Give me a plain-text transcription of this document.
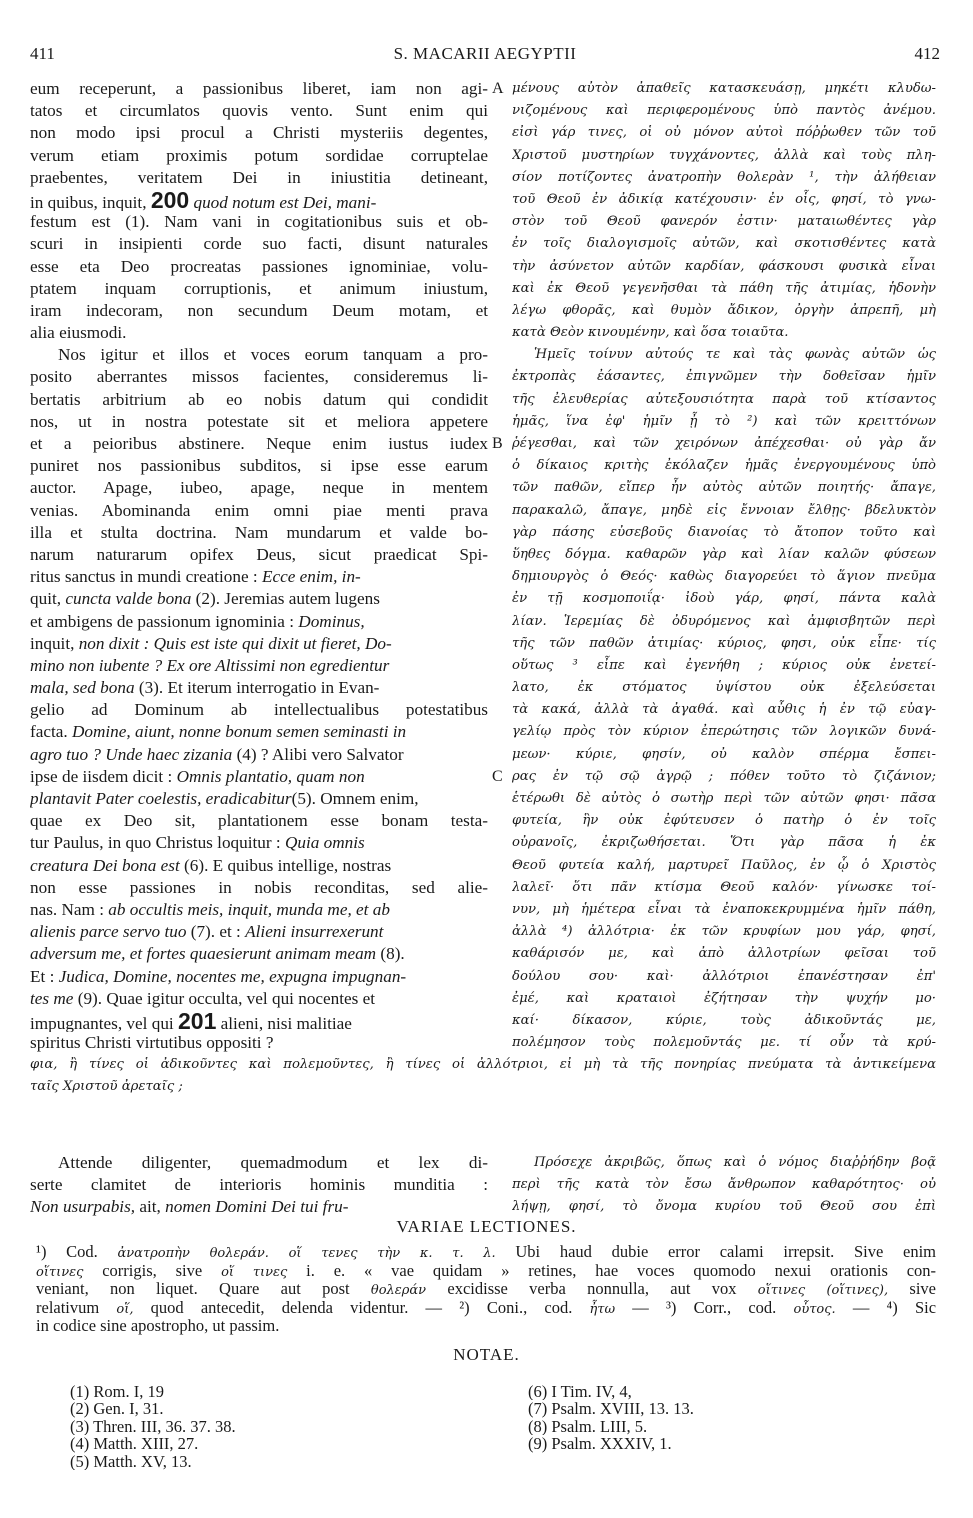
S. MACARII AEGYPTII
411	412
A
B
C
eum receperunt, a passionibus liberet, iam non agi-
tatos et circumlatos quovis vento. Sunt enim qui
non modo ipsi procul a Christi mysteriis degentes,
verum etiam proximis potum sordidae corruptelae
praebentes, veritatem Dei in iniustitia detineant,
in quibus, inquit, 200 quod notum est Dei, mani-
festum est (1). Nam vani in cogitationibus suis et ob-
scuri in insipienti corde suo facti, disunt naturales
esse eta Deo procreatas passiones ignominiae, volu-
ptatem inquam corruptionis, et animum iniustum,
iram indecoram, non secundum Deum motam, et
alia eiusmodi.
Nos igitur et illos et voces eorum tanquam a pro-
posito aberrantes missos facientes, consideremus li-
bertatis arbitrium ab eo nobis datum qui condidit
nos, ut in nostra potestate sit et meliora appetere
et a peioribus abstinere. Neque enim iustus iudex
puniret nos passionibus subditos, si ipse esse earum
auctor. Apage, iubeo, apage, neque in mentem
venias. Abominanda enim omni piae menti prava
illa et stulta doctrina. Nam mundarum et valde bo-
narum naturarum opifex Deus, sicut praedicat Spi-
ritus sanctus in mundi creatione : Ecce enim, in-
quit, cuncta valde bona (2). Jeremias autem lugens
et ambigens de passionum ignominia : Dominus,
inquit, non dixit : Quis est iste qui dixit ut fieret, Do-
mino non iubente ? Ex ore Altissimi non egredientur
mala, sed bona (3). Et iterum interrogatio in Evan-
gelio ad Dominum ab intellectualibus potestatibus
facta. Domine, aiunt, nonne bonum semen seminasti in
agro tuo ? Unde haec zizania (4) ? Alibi vero Salvator
ipse de iisdem dicit : Omnis plantatio, quam non
plantavit Pater coelestis, eradicabitur(5). Omnem enim,
quae ex Deo sit, plantationem esse bonam testa-
tur Paulus, in quo Christus loquitur : Quia omnis
creatura Dei bona est (6). E quibus intellige, nostras
non esse passiones in nobis reconditas, sed alie-
nas. Nam : ab occultis meis, inquit, munda me, et ab
alienis parce servo tuo (7). et : Alieni insurrexerunt
adversum me, et fortes quaesierunt animam meam (8).
Et : Judica, Domine, nocentes me, expugna impugnan-
tes me (9). Quae igitur occulta, vel qui nocentes et
impugnantes, vel qui 201 alieni, nisi malitiae
spiritus Christi virtutibus oppositi ?
μένους αὐτὸν ἀπαθεῖς κατασκευάσῃ, μηκέτι κλυδω-
νιζομένους καὶ περιφερομένους ὑπὸ παντὸς ἀνέμου.
εἰσὶ γάρ τινες, οἱ οὐ μόνον αὐτοὶ πόῤῥωθεν τῶν τοῦ
Χριστοῦ μυστηρίων τυγχάνοντες, ἀλλὰ καὶ τοὺς πλη-
σίον ποτίζοντες ἀνατροπὴν θολερὰν ¹, τὴν ἀλήθειαν
τοῦ Θεοῦ ἐν ἀδικίᾳ κατέχουσιν· ἐν οἷς, φησί, τὸ γνω-
στὸν τοῦ Θεοῦ φανερόν ἐστιν· ματαιωθέντες γὰρ
ἐν τοῖς διαλογισμοῖς αὐτῶν, καὶ σκοτισθέντες κατὰ
τὴν ἀσύνετον αὐτῶν καρδίαν, φάσκουσι φυσικὰ εἶναι
καὶ ἐκ Θεοῦ γεγενῆσθαι τὰ πάθη τῆς ἀτιμίας, ἡδονὴν
λέγω φθορᾶς, καὶ θυμὸν ἄδικον, ὀργὴν ἀπρεπῆ, μὴ
κατὰ Θεὸν κινουμένην, καὶ ὅσα τοιαῦτα.
Ἡμεῖς τοίνυν αὐτούς τε καὶ τὰς φωνὰς αὐτῶν ὡς
ἐκτροπὰς ἐάσαντες, ἐπιγνῶμεν τὴν δοθεῖσαν ἡμῖν
τῆς ἐλευθερίας αὐτεξουσιότητα παρὰ τοῦ κτίσαντος
ἡμᾶς, ἵνα ἐφ' ἡμῖν ᾖ τὸ ²) καὶ τῶν κρειττόνων
ῥέγεσθαι, καὶ τῶν χειρόνων ἀπέχεσθαι· οὐ γὰρ ἄν
ὁ δίκαιος κριτὴς ἐκόλαζεν ἡμᾶς ἐνεργουμένους ὑπὸ
τῶν παθῶν, εἴπερ ἦν αὐτὸς αὐτῶν ποιητής· ἄπαγε,
παρακαλῶ, ἄπαγε, μηδὲ εἰς ἔννοιαν ἔλθῃς· βδελυκτὸν
γὰρ πάσης εὐσεβοῦς διανοίας τὸ ἄτοπον τοῦτο καὶ
ὕηθες δόγμα. καθαρῶν γὰρ καὶ λίαν καλῶν φύσεων
δημιουργὸς ὁ Θεός· καθὼς διαγορεύει τὸ ἅγιον πνεῦμα
ἐν τῇ κοσμοποιΐᾳ· ἰδοὺ γάρ, φησί, πάντα καλὰ
λίαν. Ἱερεμίας δὲ ὀδυρόμενος καὶ ἀμφισβητῶν περὶ
τῆς τῶν παθῶν ἀτιμίας· κύριος, φησι, οὐκ εἶπε· τίς
οὕτως ³ εἶπε καὶ ἐγενήθη ; κύριος οὐκ ἐνετεί-
λατο, ἐκ στόματος ὑψίστου οὐκ ἐξελεύσεται
τὰ κακά, ἀλλὰ τὰ ἀγαθά. καὶ αὖθις ἡ ἐν τῷ εὐαγ-
γελίῳ πρὸς τὸν κύριον ἐπερώτησις τῶν λογικῶν δυνά-
μεων· κύριε, φησίν, οὐ καλὸν σπέρμα ἔσπει-
ρας ἐν τῷ σῷ ἀγρῷ ; πόθεν τοῦτο τὸ ζιζάνιον;
ἑτέρωθι δὲ αὐτὸς ὁ σωτὴρ περὶ τῶν αὐτῶν φησι· πᾶσα
φυτεία, ἣν οὐκ ἐφύτευσεν ὁ πατὴρ ὁ ἐν τοῖς
οὐρανοῖς, ἐκριζωθήσεται. Ὅτι γὰρ πᾶσα ἡ ἐκ
Θεοῦ φυτεία καλή, μαρτυρεῖ Παῦλος, ἐν ᾧ ὁ Χριστὸς
λαλεῖ· ὅτι πᾶν κτίσμα Θεοῦ καλόν· γίνωσκε τοί-
νυν, μὴ ἡμέτερα εἶναι τὰ ἐναποκεκρυμμένα ἡμῖν πάθη,
ἀλλὰ ⁴) ἀλλότρια· ἐκ τῶν κρυφίων μου γάρ, φησί,
καθάρισόν με, καὶ ἀπὸ ἀλλοτρίων φεῖσαι τοῦ
δούλου σου· καὶ· ἀλλότριοι ἐπανέστησαν ἐπ'
ἐμέ, καὶ κραταιοὶ ἐζήτησαν τὴν ψυχήν μο·
καί· δίκασον, κύριε, τοὺς ἀδικοῦντάς με,
πολέμησον τοὺς πολεμοῦντάς με. τί οὖν τὰ κρύ-
φια, ἢ τίνες οἱ ἀδικοῦντες καὶ πολεμοῦντες, ἢ τίνες οἱ ἀλλότριοι, εἰ μὴ τὰ τῆς πονηρίας πνεύματα τὰ ἀντικείμενα
ταῖς Χριστοῦ ἀρεταῖς ;
Attende diligenter, quemadmodum et lex di-
serte clamitet de interioris hominis munditia :
Non usurpabis, ait, nomen Domini Dei tui fru-
Πρόσεχε ἀκριβῶς, ὅπως καὶ ὁ νόμος διαῤῥήδην βοᾷ
περὶ τῆς κατὰ τὸν ἔσω ἄνθρωπον καθαρότητος· οὐ
λήψῃ, φησί, τὸ ὄνομα κυρίου τοῦ Θεοῦ σου ἐπὶ
VARIAE LECTIONES.
¹) Cod. ἀνατροπὴν θολεράν. οἵ τενες τὴν κ. τ. λ. Ubi haud dubie error calami irrepsit. Sive enim
οἵτινες corrigis, sive οἵ τινες i. e. « vae quidam » retines, hae voces quomodo nexui orationis con-
veniant, non liquet. Quare aut post θολεράν excidisse verba nonnulla, aut vox οἵτινες (οἵτινες), sive
relativum οἵ, quod antecedit, delenda videntur. — ²) Coni., cod. ἦτω — ³) Corr., cod. οὗτος. — ⁴) Sic
in codice sine apostropho, ut passim.
NOTAE.
(1) Rom. I, 19
(2) Gen. I, 31.
(3) Thren. III, 36. 37. 38.
(4) Matth. XIII, 27.
(5) Matth. XV, 13.
(6) I Tim. IV, 4,
(7) Psalm. XVIII, 13. 13.
(8) Psalm. LIII, 5.
(9) Psalm. XXXIV, 1.
